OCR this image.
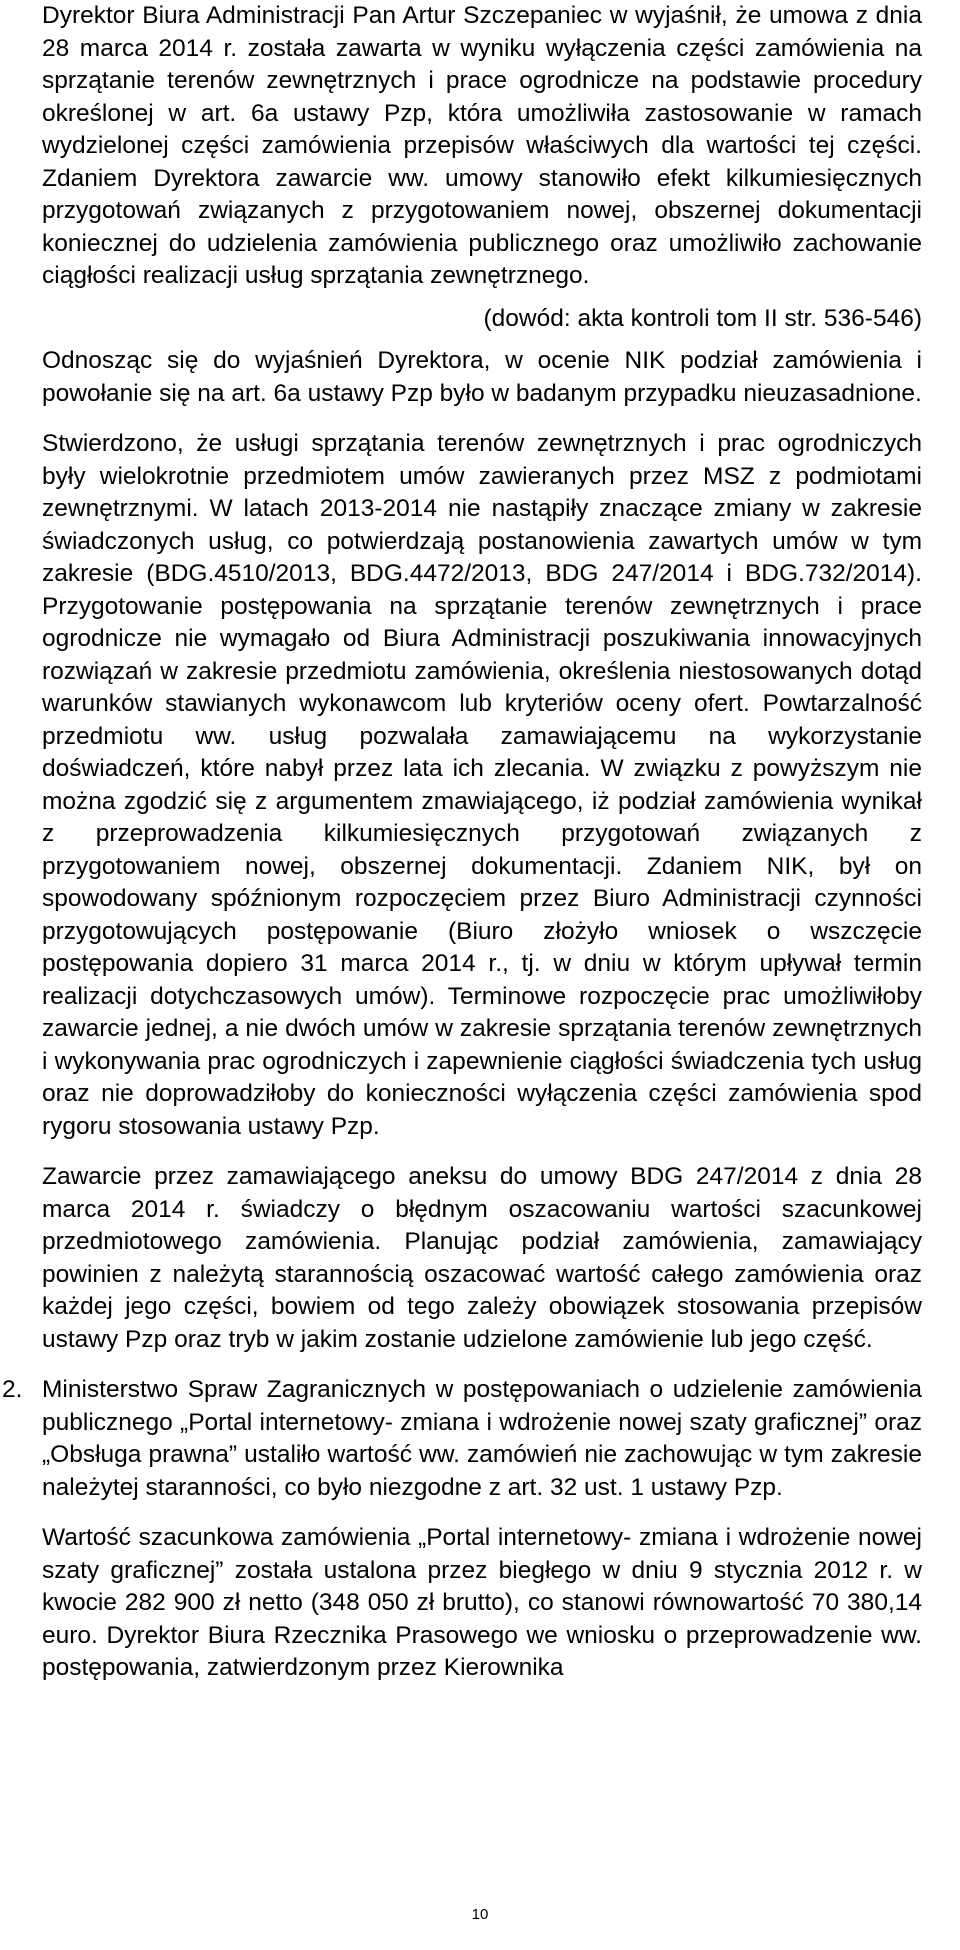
Dyrektor Biura Administracji Pan Artur Szczepaniec w wyjaśnił, że umowa z dnia 28 marca 2014 r. została zawarta w wyniku wyłączenia części zamówienia na sprzątanie terenów zewnętrznych i prace ogrodnicze na podstawie procedury określonej w art. 6a ustawy Pzp, która umożliwiła zastosowanie w ramach wydzielonej części zamówienia przepisów właściwych dla wartości tej części. Zdaniem Dyrektora zawarcie ww. umowy stanowiło efekt kilkumiesięcznych przygotowań związanych z przygotowaniem nowej, obszernej dokumentacji koniecznej do udzielenia zamówienia publicznego oraz umożliwiło zachowanie ciągłości realizacji usług sprzątania zewnętrznego.

(dowód: akta kontroli tom II str. 536-546)

Odnosząc się do wyjaśnień Dyrektora, w ocenie NIK podział zamówienia i powołanie się na art. 6a ustawy Pzp było w badanym przypadku nieuzasadnione.

Stwierdzono, że usługi sprzątania terenów zewnętrznych i prac ogrodniczych były wielokrotnie przedmiotem umów zawieranych przez MSZ z podmiotami zewnętrznymi. W latach 2013-2014 nie nastąpiły znaczące zmiany w zakresie świadczonych usług, co potwierdzają postanowienia zawartych umów w tym zakresie (BDG.4510/2013, BDG.4472/2013, BDG 247/2014 i BDG.732/2014). Przygotowanie postępowania na sprzątanie terenów zewnętrznych i prace ogrodnicze nie wymagało od Biura Administracji poszukiwania innowacyjnych rozwiązań w zakresie przedmiotu zamówienia, określenia niestosowanych dotąd warunków stawianych wykonawcom lub kryteriów oceny ofert. Powtarzalność przedmiotu ww. usług pozwalała zamawiającemu na wykorzystanie doświadczeń, które nabył przez lata ich zlecania. W związku z powyższym nie można zgodzić się z argumentem zmawiającego, iż podział zamówienia wynikał z przeprowadzenia kilkumiesięcznych przygotowań związanych z przygotowaniem nowej, obszernej dokumentacji. Zdaniem NIK, był on spowodowany spóźnionym rozpoczęciem przez Biuro Administracji czynności przygotowujących postępowanie (Biuro złożyło wniosek o wszczęcie postępowania dopiero 31 marca 2014 r., tj. w dniu w którym upływał termin realizacji dotychczasowych umów). Terminowe rozpoczęcie prac umożliwiłoby zawarcie jednej, a nie dwóch umów w zakresie sprzątania terenów zewnętrznych i wykonywania prac ogrodniczych i zapewnienie ciągłości świadczenia tych usług oraz nie doprowadziłoby do konieczności wyłączenia części zamówienia spod rygoru stosowania ustawy Pzp.

Zawarcie przez zamawiającego aneksu do umowy BDG 247/2014 z dnia 28 marca 2014 r. świadczy o błędnym oszacowaniu wartości szacunkowej przedmiotowego zamówienia. Planując podział zamówienia, zamawiający powinien z należytą starannością oszacować wartość całego zamówienia oraz każdej jego części, bowiem od tego zależy obowiązek stosowania przepisów ustawy Pzp oraz tryb w jakim zostanie udzielone zamówienie lub jego część.

2. Ministerstwo Spraw Zagranicznych w postępowaniach o udzielenie zamówienia publicznego „Portal internetowy- zmiana i wdrożenie nowej szaty graficznej” oraz „Obsługa prawna” ustaliło wartość ww. zamówień nie zachowując w tym zakresie należytej staranności, co było niezgodne z art. 32 ust. 1 ustawy Pzp.

Wartość szacunkowa zamówienia „Portal internetowy- zmiana i wdrożenie nowej szaty graficznej” została ustalona przez biegłego w dniu 9 stycznia 2012 r. w kwocie 282 900 zł netto (348 050 zł brutto), co stanowi równowartość 70 380,14 euro. Dyrektor Biura Rzecznika Prasowego we wniosku o przeprowadzenie ww. postępowania, zatwierdzonym przez Kierownika

10
